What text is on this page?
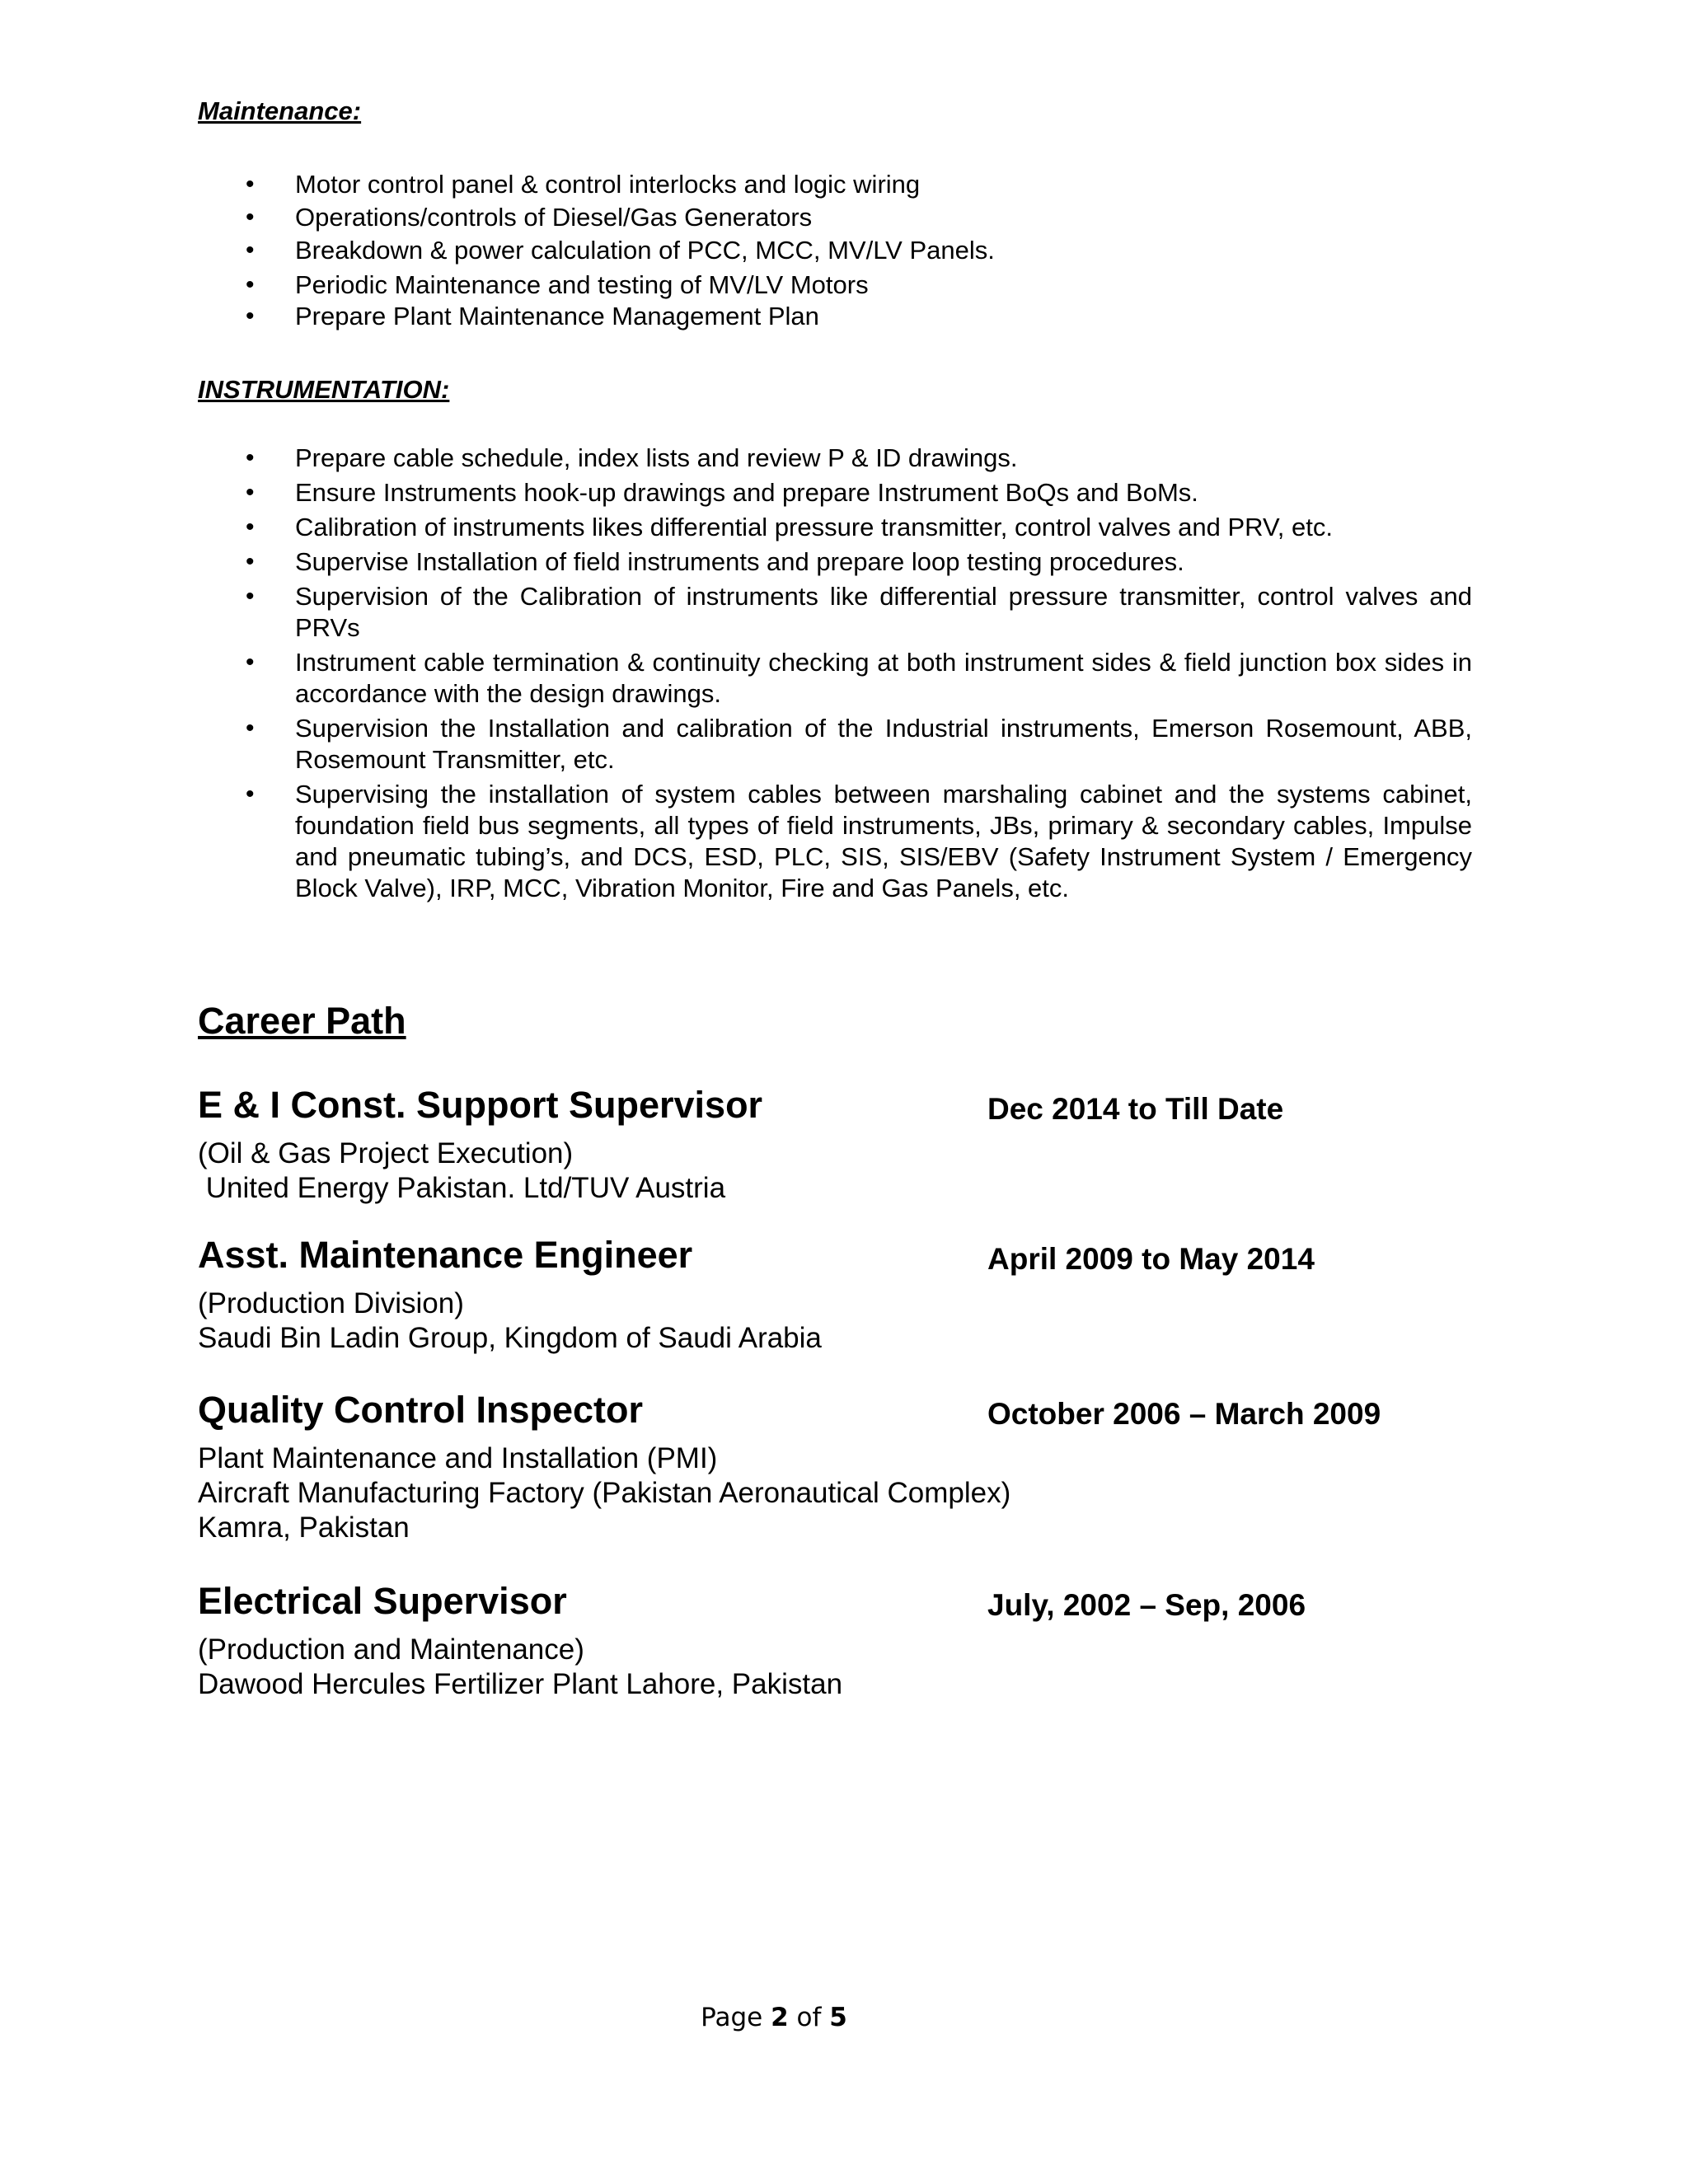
Maintenance:
• Motor control panel & control interlocks and logic wiring
• Operations/controls of Diesel/Gas Generators
• Breakdown & power calculation of PCC, MCC, MV/LV Panels.
• Periodic Maintenance and testing of MV/LV Motors
• Prepare Plant Maintenance Management Plan
INSTRUMENTATION:
• Prepare cable schedule, index lists and review P & ID drawings.
• Ensure Instruments hook-up drawings and prepare Instrument BoQs and BoMs.
• Calibration of instruments likes differential pressure transmitter, control valves and PRV, etc.
• Supervise Installation of field instruments and prepare loop testing procedures.
• Supervision of the Calibration of instruments like differential pressure transmitter, control valves and PRVs
• Instrument cable termination & continuity checking at both instrument sides & field junction box sides in accordance with the design drawings.
• Supervision the Installation and calibration of the Industrial instruments, Emerson Rosemount, ABB, Rosemount Transmitter, etc.
• Supervising the installation of system cables between marshaling cabinet and the systems cabinet, foundation field bus segments, all types of field instruments, JBs, primary & secondary cables, Impulse and pneumatic tubing’s, and DCS, ESD, PLC, SIS, SIS/EBV (Safety Instrument System / Emergency Block Valve), IRP, MCC, Vibration Monitor, Fire and Gas Panels, etc.
Career Path
E & I Const. Support Supervisor	Dec 2014 to Till Date
(Oil & Gas Project Execution)
United Energy Pakistan. Ltd/TUV Austria
Asst. Maintenance Engineer	April 2009 to May 2014
(Production Division)
Saudi Bin Ladin Group, Kingdom of Saudi Arabia
Quality Control Inspector	October 2006 – March 2009
Plant Maintenance and Installation (PMI)
Aircraft Manufacturing Factory (Pakistan Aeronautical Complex)
Kamra, Pakistan
Electrical Supervisor	July, 2002 – Sep, 2006
(Production and Maintenance)
Dawood Hercules Fertilizer Plant Lahore, Pakistan
Page 2 of 5
